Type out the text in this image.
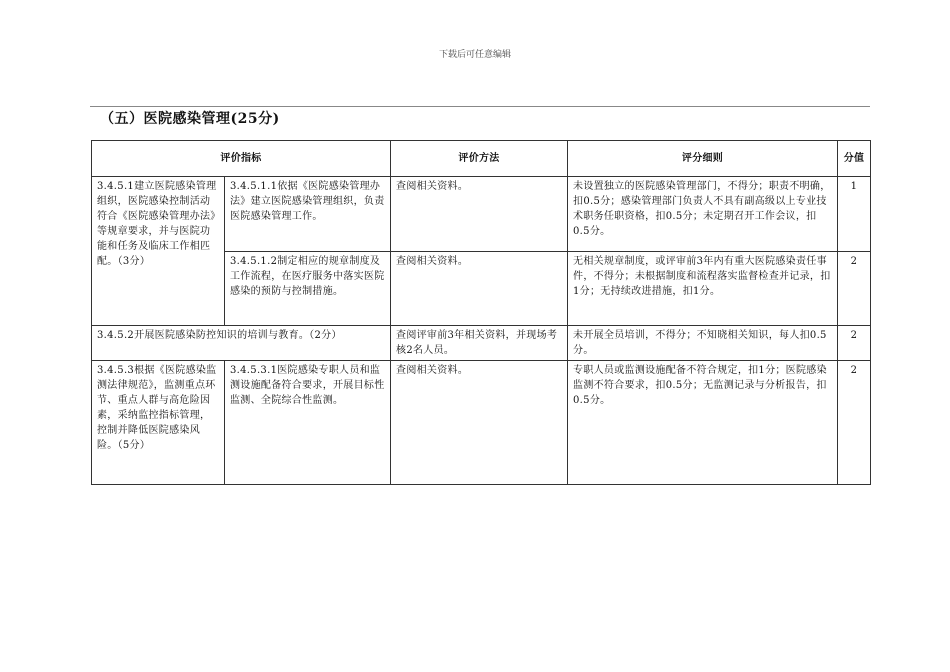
下载后可任意编辑
（五）医院感染管理(25分)
评价指标		评价方法	评分细则	分值
3.4.5.1建立医院感染管理组织，医院感染控制活动符合《医院感染管理办法》等规章要求，并与医院功能和任务及临床工作相匹配。（3分）	3.4.5.1.1依据《医院感染管理办法》建立医院感染管理组织，负责医院感染管理工作。	查阅相关资料。	未设置独立的医院感染管理部门，不得分；职责不明确，扣0.5分；感染管理部门负责人不具有副高级以上专业技术职务任职资格，扣0.5分；未定期召开工作会议，扣0.5分。	1
	3.4.5.1.2制定相应的规章制度及工作流程，在医疗服务中落实医院感染的预防与控制措施。	查阅相关资料。	无相关规章制度，或评审前3年内有重大医院感染责任事件，不得分；未根据制度和流程落实监督检查并记录，扣1分；无持续改进措施，扣1分。	2
3.4.5.2开展医院感染防控知识的培训与教育。（2分）		查阅评审前3年相关资料，并现场考核2名人员。	未开展全员培训，不得分；不知晓相关知识，每人扣0.5分。	2
3.4.5.3根据《医院感染监测法律规范》，监测重点环节、重点人群与高危险因素，采纳监控指标管理，控制并降低医院感染风险。（5分）	3.4.5.3.1医院感染专职人员和监测设施配备符合要求，开展目标性监测、全院综合性监测。	查阅相关资料。	专职人员或监测设施配备不符合规定，扣1分；医院感染监测不符合要求，扣0.5分；无监测记录与分析报告，扣0.5分。	2
